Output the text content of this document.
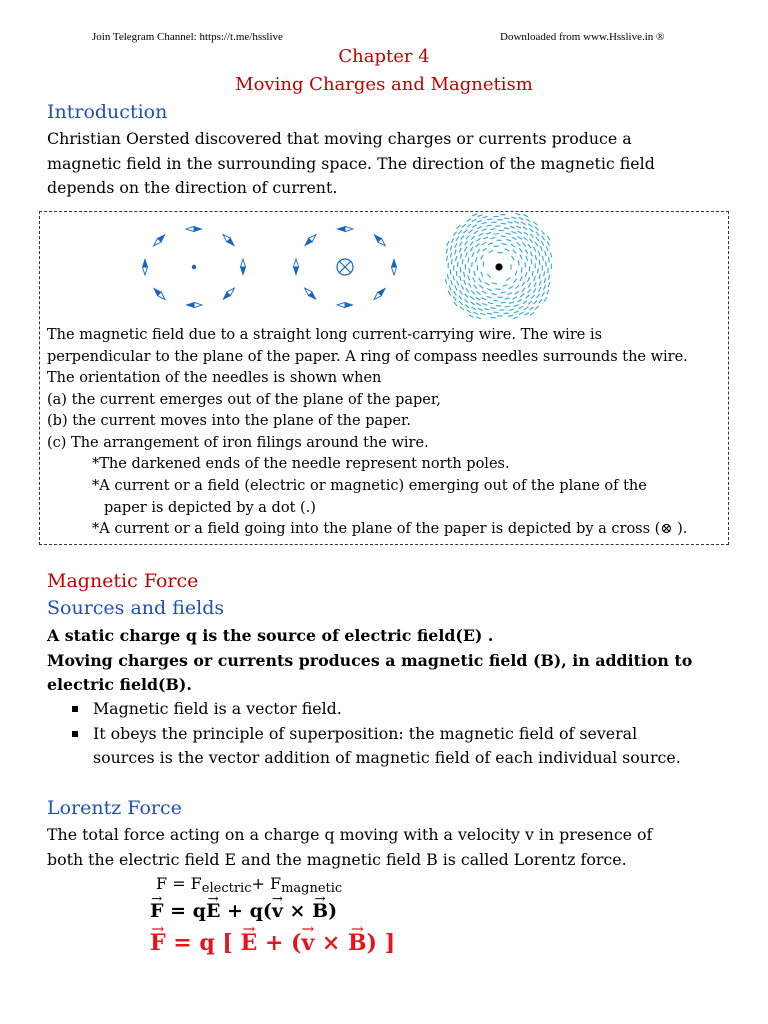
Join Telegram Channel: https://t.me/hsslive	Downloaded from www.Hsslive.in ®
Chapter 4
Moving Charges and Magnetism
Introduction
Christian Oersted discovered that moving charges or currents produce a
magnetic field in the surrounding space. The direction of the magnetic field
depends on the direction of current.
The magnetic field due to a straight long current-carrying wire. The wire is
perpendicular to the plane of the paper. A ring of compass needles surrounds the wire.
The orientation of the needles is shown when
(a) the current emerges out of the plane of the paper,
(b) the current moves into the plane of the paper.
(c) The arrangement of iron filings around the wire.
*The darkened ends of the needle represent north poles.
*A current or a field (electric or magnetic) emerging out of the plane of the
paper is depicted by a dot (.)
*A current or a field going into the plane of the paper is depicted by a cross (⊗ ).
Magnetic Force
Sources and fields
A static charge q is the source of electric field(E) .
Moving charges or currents produces a magnetic field (B), in addition to
electric field(B).
Magnetic field is a vector field.
It obeys the principle of superposition: the magnetic field of several sources is the vector addition of magnetic field of each individual source.
Lorentz Force
The total force acting on a charge q moving with a velocity v in presence of
both the electric field E and the magnetic field B is called Lorentz force.
$F = F_{electric}+ F_{magnetic}$
→ F = q→ E + q(→ v × → B)
→ F = q [ → E + (→ v × → B) ]
